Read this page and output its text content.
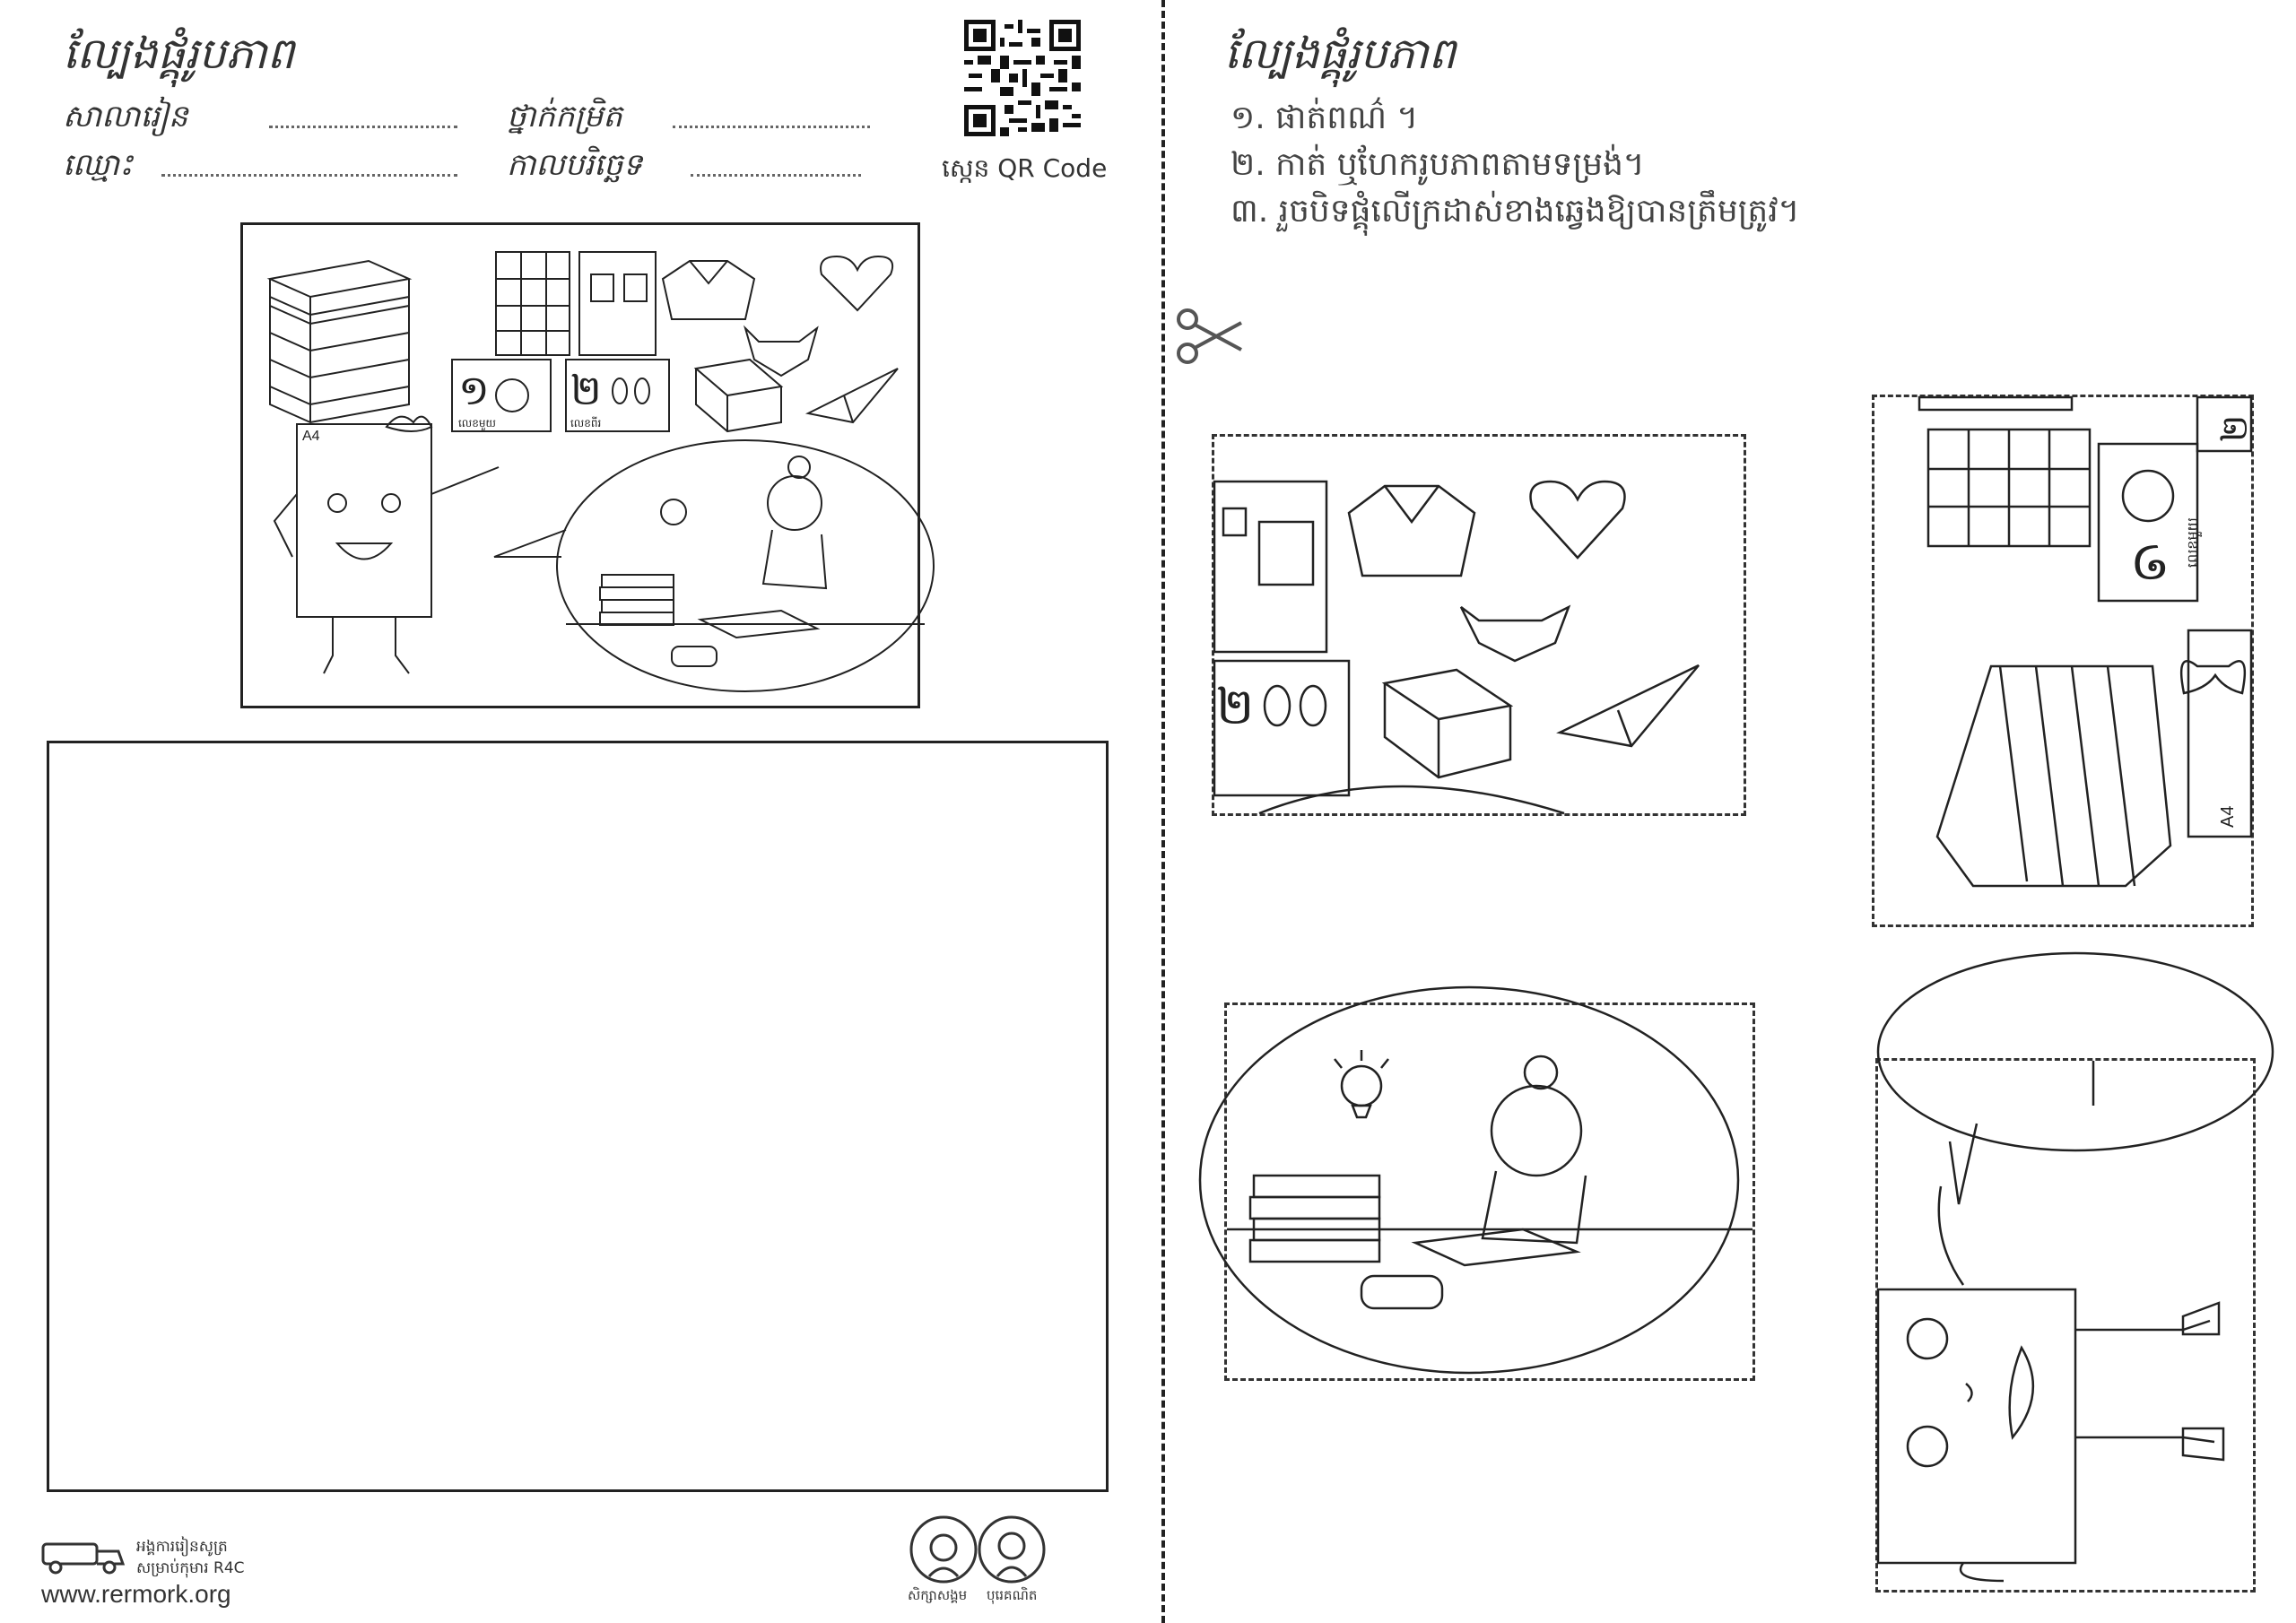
ល្បែងផ្គុំរូបភាព
សាលារៀន	ថ្នាក់កម្រិត
ឈ្មោះ	កាលបរិច្ឆេទ	ស្កេន QR Code
A4
១
លេខមួយ
២
លេខពីរ
អង្គការរៀនសូត្រ
សម្រាប់កុមារ R4C
www.rermork.org	សិក្សាសង្គម បុរេគណិត
ល្បែងផ្គុំរូបភាព
១. ផាត់ពណ៌ ។
២. កាត់ ឬហែករូបភាពតាមទម្រង់។
៣. រួចបិទផ្គុំលើក្រដាស់ខាងឆ្វេងឱ្យបានត្រឹមត្រូវ។
២
១ លេខមួយ
២
A4
